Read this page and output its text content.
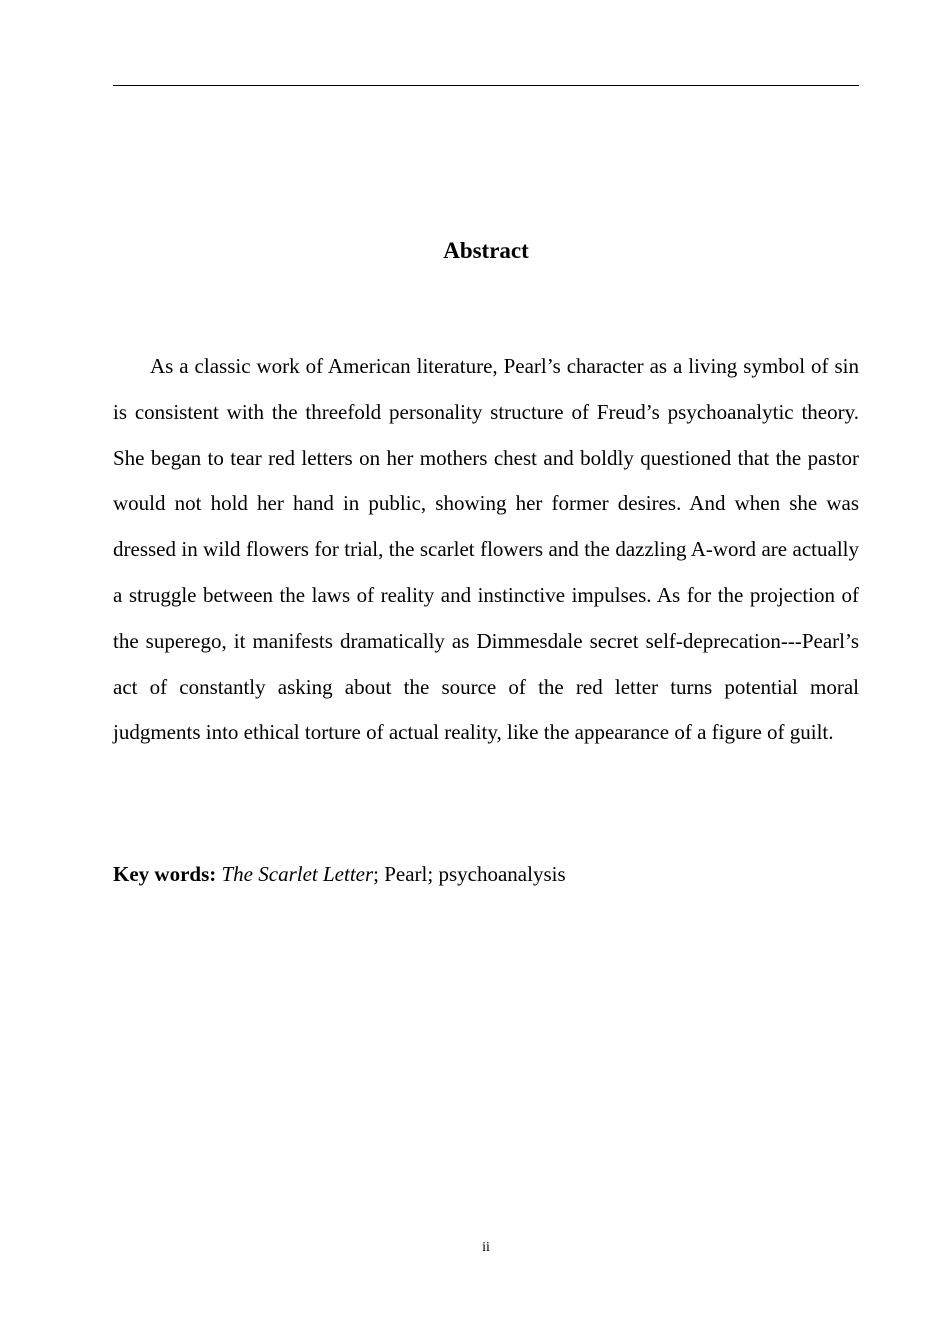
Abstract

As a classic work of American literature, Pearl’s character as a living symbol of sin is consistent with the threefold personality structure of Freud’s psychoanalytic theory. She began to tear red letters on her mothers chest and boldly questioned that the pastor would not hold her hand in public, showing her former desires. And when she was dressed in wild flowers for trial, the scarlet flowers and the dazzling A-word are actually a struggle between the laws of reality and instinctive impulses. As for the projection of the superego, it manifests dramatically as Dimmesdale secret self-deprecation---Pearl’s act of constantly asking about the source of the red letter turns potential moral judgments into ethical torture of actual reality, like the appearance of a figure of guilt.

Key words: The Scarlet Letter; Pearl; psychoanalysis

ii
